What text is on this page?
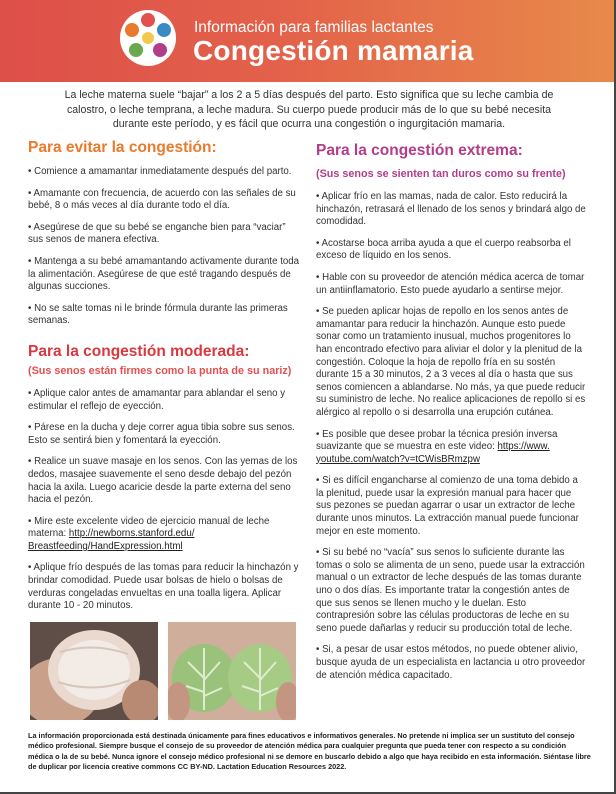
Información para familias lactantes
Congestión mamaria

La leche materna suele “bajar” a los 2 a 5 días después del parto. Esto significa que su leche cambia de calostro, o leche temprana, a leche madura. Su cuerpo puede producir más de lo que su bebé necesita durante este período, y es fácil que ocurra una congestión o ingurgitación mamaria.

Para evitar la congestión:

• Comience a amamantar inmediatamente después del parto.

• Amamante con frecuencia, de acuerdo con las señales de su bebé, 8 o más veces al día durante todo el día.

• Asegúrese de que su bebé se enganche bien para “vaciar” sus senos de manera efectiva.

• Mantenga a su bebé amamantando activamente durante toda la alimentación. Asegúrese de que esté tragando después de algunas succiones.

• No se salte tomas ni le brinde fórmula durante las primeras semanas.

Para la congestión moderada:
(Sus senos están firmes como la punta de su nariz)

• Aplique calor antes de amamantar para ablandar el seno y estimular el reflejo de eyección.

• Párese en la ducha y deje correr agua tibia sobre sus senos. Esto se sentirá bien y fomentará la eyección.

• Realice un suave masaje en los senos. Con las yemas de los dedos, masajee suavemente el seno desde debajo del pezón hacia la axila. Luego acaricie desde la parte externa del seno hacia el pezón.

• Mire este excelente video de ejercicio manual de leche materna: http://newborns.stanford.edu/ Breastfeeding/HandExpression.html

• Aplique frío después de las tomas para reducir la hinchazón y brindar comodidad. Puede usar bolsas de hielo o bolsas de verduras congeladas envueltas en una toalla ligera. Aplicar durante 10 - 20 minutos.

Para la congestión extrema:
(Sus senos se sienten tan duros como su frente)

• Aplicar frío en las mamas, nada de calor. Esto reducirá la hinchazón, retrasará el llenado de los senos y brindará algo de comodidad.

• Acostarse boca arriba ayuda a que el cuerpo reabsorba el exceso de líquido en los senos.

• Hable con su proveedor de atención médica acerca de tomar un antiinflamatorio. Esto puede ayudarlo a sentirse mejor.

• Se pueden aplicar hojas de repollo en los senos antes de amamantar para reducir la hinchazón. Aunque esto puede sonar como un tratamiento inusual, muchos progenitores lo han encontrado efectivo para aliviar el dolor y la plenitud de la congestión. Coloque la hoja de repollo fría en su sostén durante 15 a 30 minutos, 2 a 3 veces al día o hasta que sus senos comiencen a ablandarse. No más, ya que puede reducir su suministro de leche. No realice aplicaciones de repollo si es alérgico al repollo o si desarrolla una erupción cutánea.

• Es posible que desee probar la técnica presión inversa suavizante que se muestra en este video: https://www. youtube.com/watch?v=tCWisBRmzpw

• Si es difícil engancharse al comienzo de una toma debido a la plenitud, puede usar la expresión manual para hacer que sus pezones se puedan agarrar o usar un extractor de leche durante unos minutos. La extracción manual puede funcionar mejor en este momento.

• Si su bebé no “vacía” sus senos lo suficiente durante las tomas o solo se alimenta de un seno, puede usar la extracción manual o un extractor de leche después de las tomas durante uno o dos días. Es importante tratar la congestión antes de que sus senos se llenen mucho y le duelan. Esto contrapresión sobre las células productoras de leche en su seno puede dañarlas y reducir su producción total de leche.

• Si, a pesar de usar estos métodos, no puede obtener alivio, busque ayuda de un especialista en lactancia u otro proveedor de atención médica capacitado.

La información proporcionada está destinada únicamente para fines educativos e informativos generales. No pretende ni implica ser un sustituto del consejo médico profesional. Siempre busque el consejo de su proveedor de atención médica para cualquier pregunta que pueda tener con respecto a su condición médica o la de su bebé. Nunca ignore el consejo médico profesional ni se demore en buscarlo debido a algo que haya recibido en esta información. Siéntase libre de duplicar por licencia creative commons CC BY-ND. Lactation Education Resources 2022.
